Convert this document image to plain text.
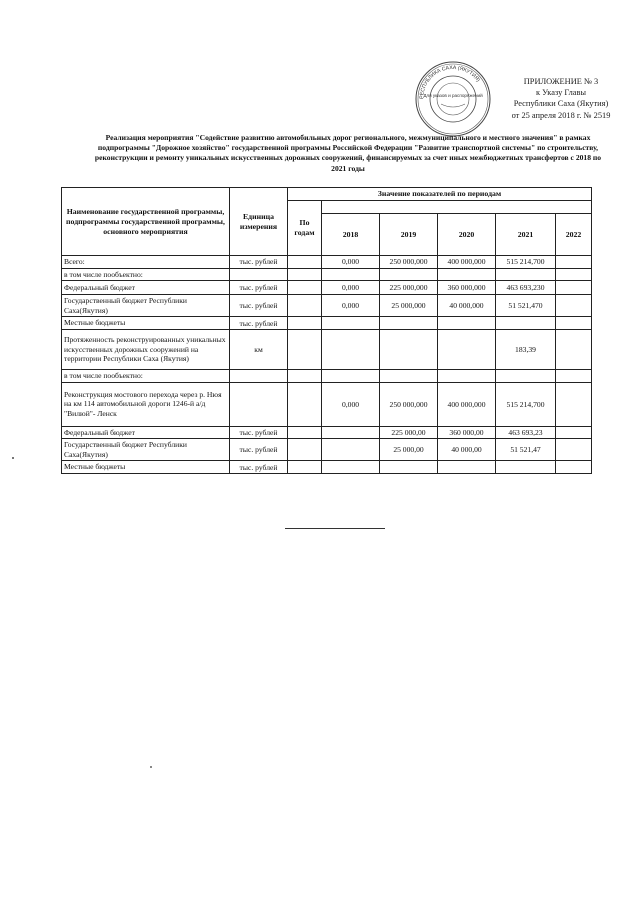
РЕСПУБЛИКА САХА (ЯКУТИЯ)
Для указов и распоряжений
ПРИЛОЖЕНИЕ № 3
к Указу Главы
Республики Саха (Якутия)
от 25 апреля 2018 г. № 2519
Реализация мероприятия "Содействие развитию автомобильных дорог регионального, межмуниципального и местного значения" в рамках
подпрограммы "Дорожное хозяйство" государственной программы Российской Федерации "Развитие транспортной системы" по строительству,
реконструкции и ремонту уникальных искусственных дорожных сооружений, финансируемых за счет иных межбюджетных трансфертов с 2018 по
2021 годы
Наименование государственной программы, подпрограммы государственной программы, основного мероприятия	Единица измерения	Значение показателей по периодам					
		По годам					
			2018	2019	2020	2021	2022
Всего:	тыс. рублей		0,000	250 000,000	400 000,000	515 214,700	
в том числе пообъектно:							
Федеральный бюджет	тыс. рублей		0,000	225 000,000	360 000,000	463 693,230	
Государственный бюджет Республики Саха(Якутия)	тыс. рублей		0,000	25 000,000	40 000,000	51 521,470	
Местные бюджеты	тыс. рублей						
Протяженность реконструированных уникальных искусственных дорожных сооружений на территории Республики Саха (Якутия)	км					183,39	
в том числе пообъектно:							
Реконструкция мостового перехода через р. Нюя на км 114 автомобильной дороги 1246-й а/д "Вилюй"- Ленск			0,000	250 000,000	400 000,000	515 214,700	
Федеральный бюджет	тыс. рублей			225 000,00	360 000,00	463 693,23	
Государственный бюджет Республики Саха(Якутия)	тыс. рублей			25 000,00	40 000,00	51 521,47	
Местные бюджеты	тыс. рублей						
